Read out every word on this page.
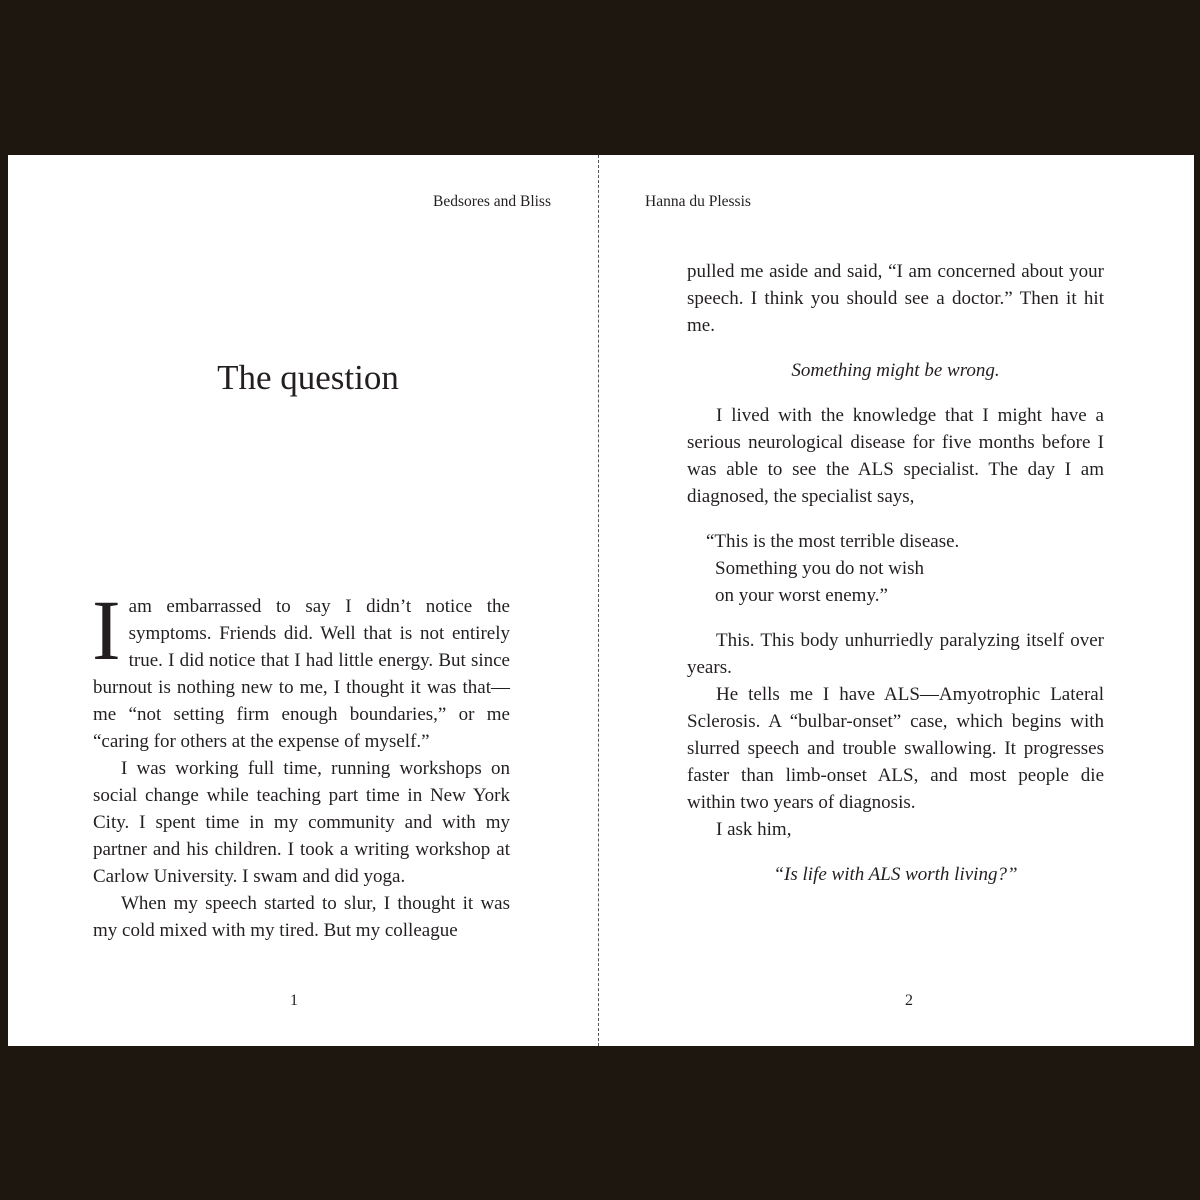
Bedsores and Bliss
The question

Iam embarrassed to say I didn’t notice the symptoms. Friends did. Well that is not entirely true. I did notice that I had little energy. But since burnout is nothing new to me, I thought it was that—me “not setting firm enough boundaries,” or me “caring for others at the expense of myself.”

I was working full time, running workshops on social change while teaching part time in New York City. I spent time in my community and with my partner and his children. I took a writing workshop at Carlow University. I swam and did yoga.

When my speech started to slur, I thought it was my cold mixed with my tired. But my colleague

1
Hanna du Plessis

pulled me aside and said, “I am concerned about your speech. I think you should see a doctor.” Then it hit me.

Something might be wrong.

I lived with the knowledge that I might have a serious neurological disease for five months before I was able to see the ALS specialist. The day I am diagnosed, the specialist says,

“This is the most terrible disease.
Something you do not wish
on your worst enemy.”

This. This body unhurriedly paralyzing itself over years.

He tells me I have ALS—Amyotrophic Lateral Sclerosis. A “bulbar-onset” case, which begins with slurred speech and trouble swallowing. It progresses faster than limb-onset ALS, and most people die within two years of diagnosis.

I ask him,

“Is life with ALS worth living?”

2
